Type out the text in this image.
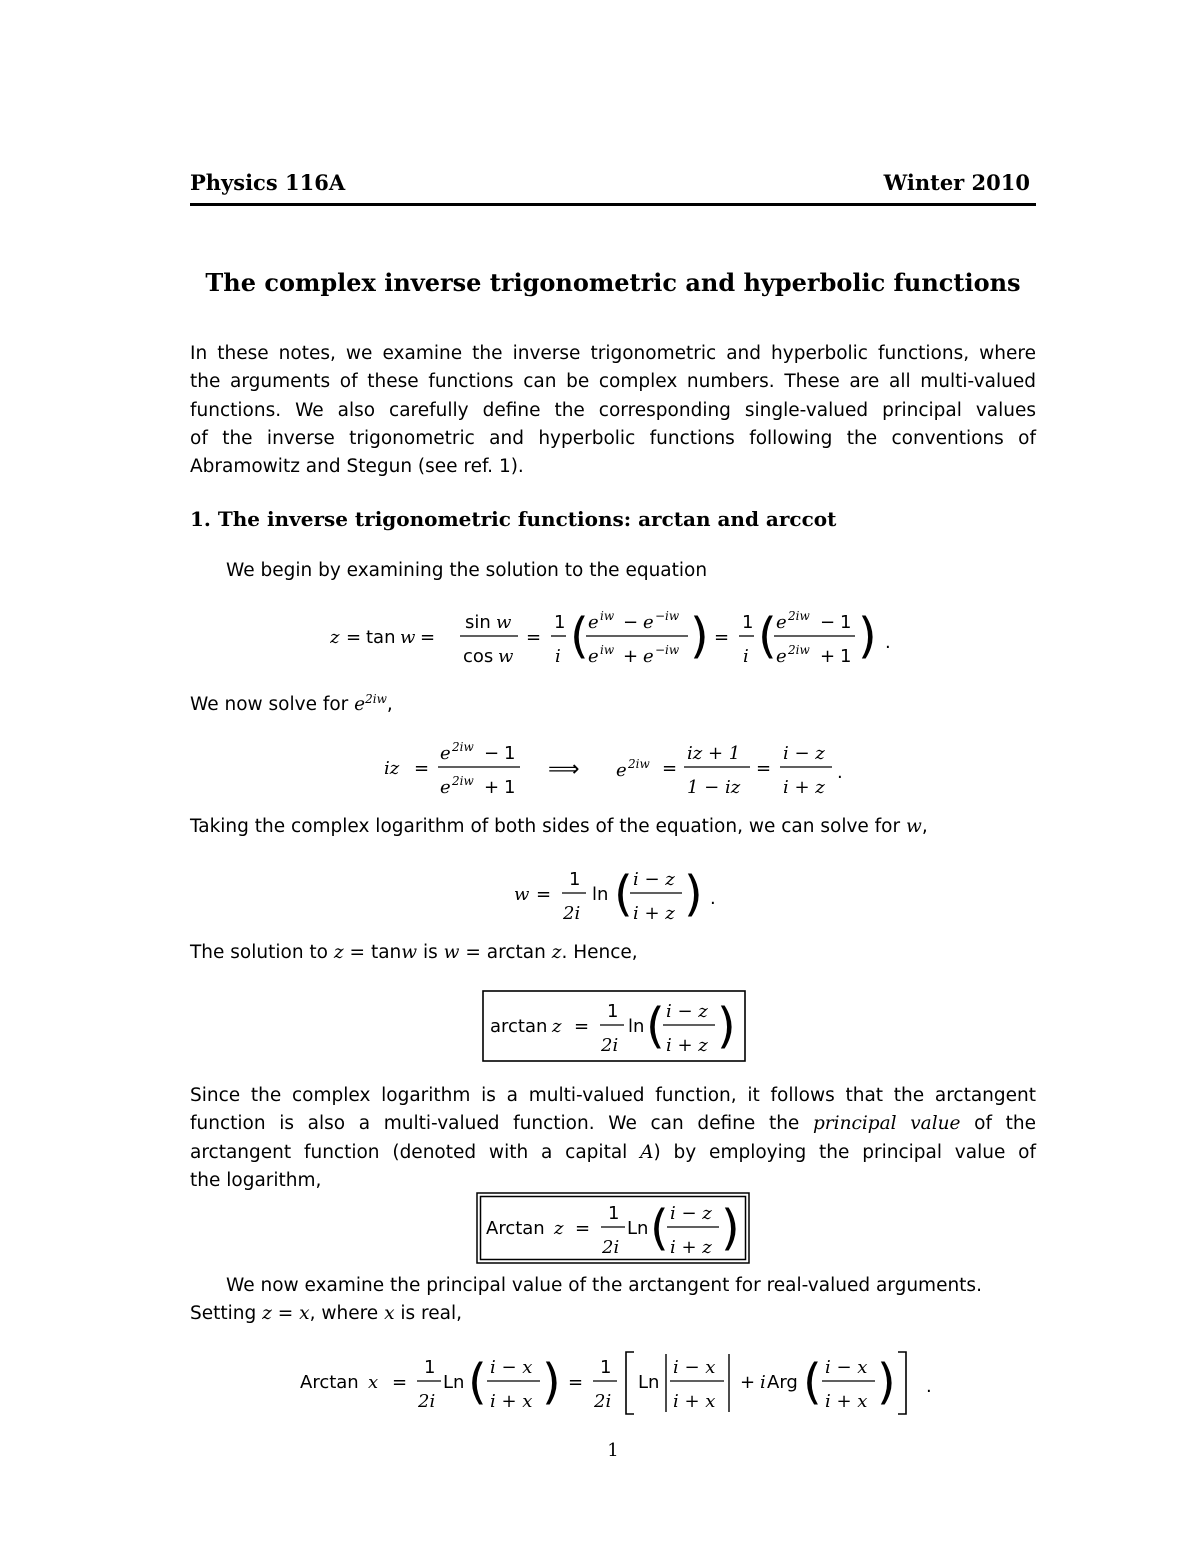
Physics 116A	Winter 2010
The complex inverse trigonometric and hyperbolic functions
In these notes, we examine the inverse trigonometric and hyperbolic functions, where
the arguments of these functions can be complex numbers. These are all multi-valued
functions. We also carefully define the corresponding single-valued principal values
of the inverse trigonometric and hyperbolic functions following the conventions of
Abramowitz and Stegun (see ref. 1).
1. The inverse trigonometric functions: arctan and arccot
We begin by examining the solution to the equation
z = tan w =
sin w
cos w
=
1
i ( e iw − e −iw
e iw + e −iw ) =
1
i ( e 2iw − 1
e 2iw + 1 ) .
We now solve for $e^{2iw}$,
iz =
e 2iw − 1
e 2iw + 1
⟹ e 2iw =
iz + 1
1 − iz
=
i − z
i + z
.
Taking the complex logarithm of both sides of the equation, we can solve for w,
w =
1
2i
ln ( i − z
i + z ) .
The solution to z = tanw is w = arctan z. Hence,
arctan z =
1
2i
ln ( i − z
i + z )
Since the complex logarithm is a multi-valued function, it follows that the arctangent
function is also a multi-valued function. We can define the principal value of the
arctangent function (denoted with a capital A) by employing the principal value of
the logarithm,
Arctan z =
1
2i
Ln ( i − z
i + z )
We now examine the principal value of the arctangent for real-valued arguments.
Setting z = x, where x is real,
Arctan x =
1
2i
Ln ( i − x
i + x ) =
1
2i
Ln
i − x
i + x
+ i Arg ( i − x
i + x ) .
1
